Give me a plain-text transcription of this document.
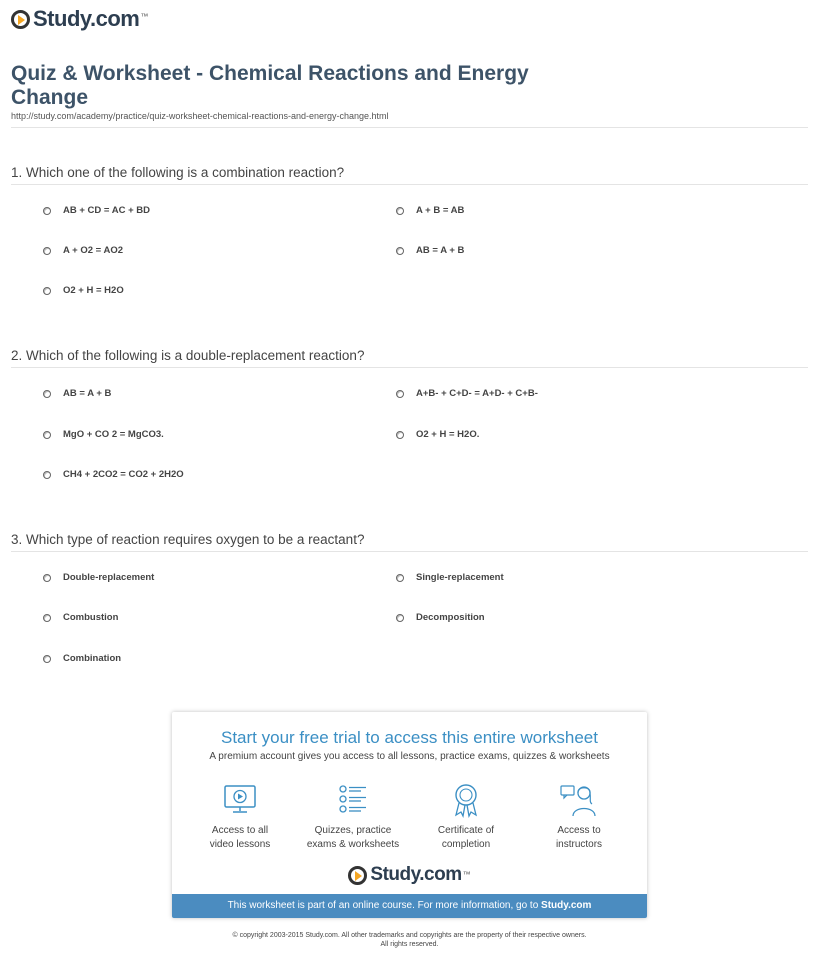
Study.com ™
Quiz & Worksheet - Chemical Reactions and Energy Change
http://study.com/academy/practice/quiz-worksheet-chemical-reactions-and-energy-change.html
1. Which one of the following is a combination reaction?
AB + CD = AC + BD	A + B = AB
A + O2 = AO2	AB = A + B
O2 + H = H2O
2. Which of the following is a double-replacement reaction?
AB = A + B	A+B- + C+D- = A+D- + C+B-
MgO + CO 2 = MgCO3.	O2 + H = H2O.
CH4 + 2CO2 = CO2 + 2H2O
3. Which type of reaction requires oxygen to be a reactant?
Double-replacement	Single-replacement
Combustion	Decomposition
Combination
Start your free trial to access this entire worksheet
A premium account gives you access to all lessons, practice exams, quizzes & worksheets
Access to all
video lessons
Quizzes, practice
exams & worksheets
Certificate of
completion
Access to
instructors
Study.com ™
This worksheet is part of an online course. For more information, go to Study.com
© copyright 2003-2015 Study.com. All other trademarks and copyrights are the property of their respective owners.
All rights reserved.
